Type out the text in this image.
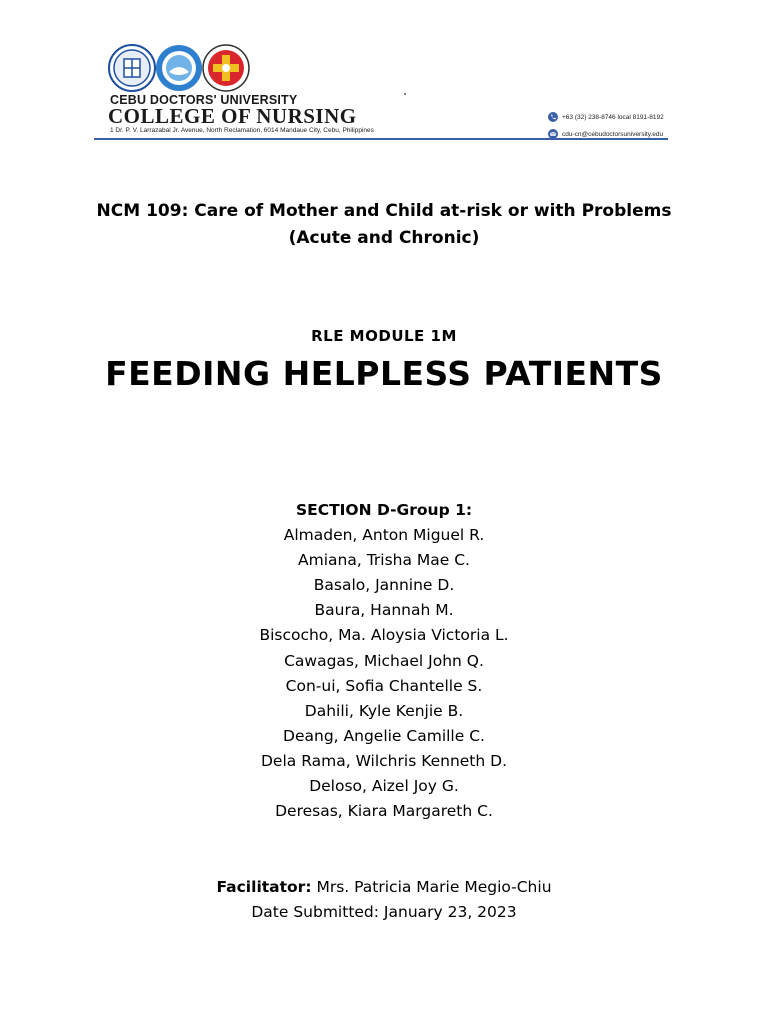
CEBU DOCTORS' UNIVERSITY
COLLEGE OF NURSING
1 Dr. P. V. Larrazabal Jr. Avenue, North Reclamation, 6014 Mandaue City, Cebu, Philippines
+63 (32) 238-8746 local 8191-8192
cdu-cn@cebudoctorsuniversity.edu
NCM 109: Care of Mother and Child at-risk or with Problems
(Acute and Chronic)
RLE MODULE 1M
FEEDING HELPLESS PATIENTS
SECTION D-Group 1:
Almaden, Anton Miguel R.
Amiana, Trisha Mae C.
Basalo, Jannine D.
Baura, Hannah M.
Biscocho, Ma. Aloysia Victoria L.
Cawagas, Michael John Q.
Con-ui, Sofia Chantelle S.
Dahili, Kyle Kenjie B.
Deang, Angelie Camille C.
Dela Rama, Wilchris Kenneth D.
Deloso, Aizel Joy G.
Deresas, Kiara Margareth C.
Facilitator: Mrs. Patricia Marie Megio-Chiu
Date Submitted: January 23, 2023
